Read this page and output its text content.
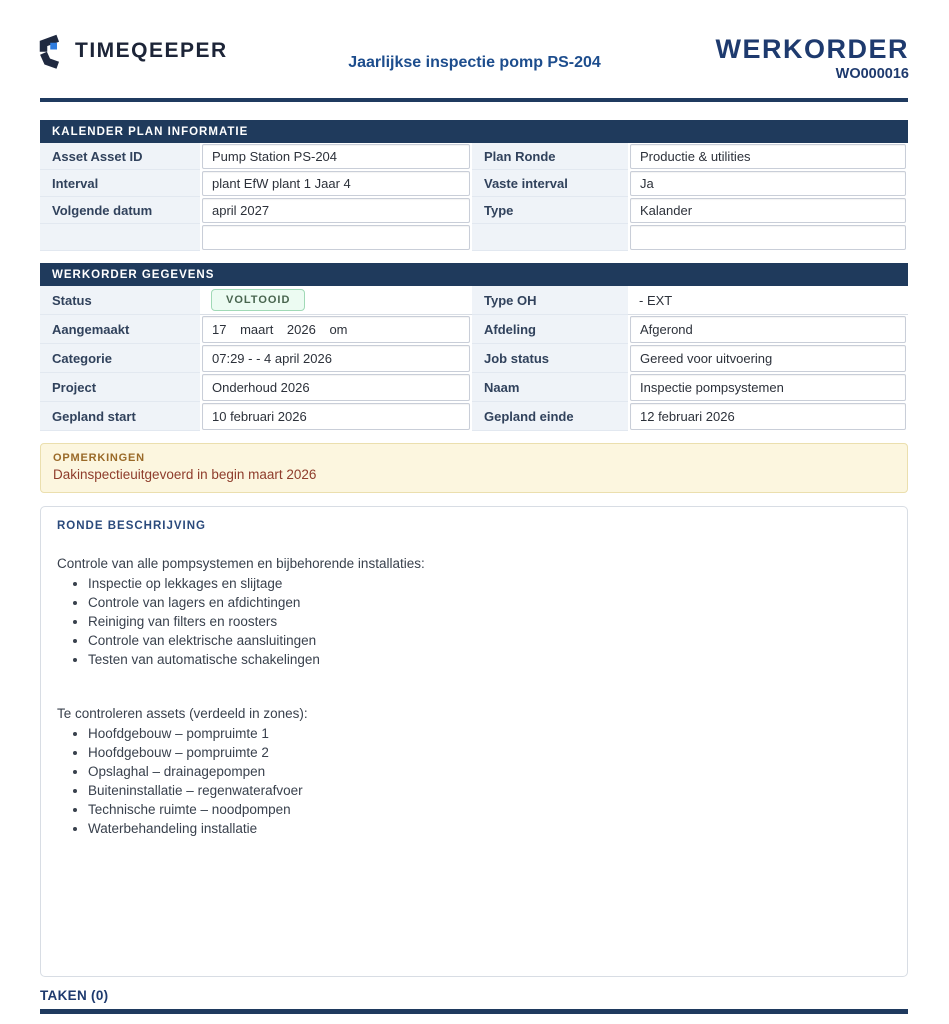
TIMEQEEPER
Jaarlijkse inspectie pomp PS-204	WERKORDER
WO000016
KALENDER PLAN INFORMATIE
Asset Asset ID	Pump Station PS-204	Plan Ronde	Productie & utilities
Interval	plant EfW plant 1 Jaar 4	Vaste interval	Ja
Volgende datum	april 2027	Type	Kalander
WERKORDER GEGEVENS
Status	VOLTOOID	Type OH	- EXT
Aangemaakt	17 maart 2026 om	Afdeling	Afgerond
Categorie	07:29 - - 4 april 2026	Job status	Gereed voor uitvoering
Project	Onderhoud 2026	Naam	Inspectie pompsystemen
Gepland start	10 februari 2026	Gepland einde	12 februari 2026
OPMERKINGEN
Dakinspectieuitgevoerd in begin maart 2026
RONDE BESCHRIJVING
Controle van alle pompsystemen en bijbehorende installaties:
• Inspectie op lekkages en slijtage
• Controle van lagers en afdichtingen
• Reiniging van filters en roosters
• Controle van elektrische aansluitingen
• Testen van automatische schakelingen
Te controleren assets (verdeeld in zones):
• Hoofdgebouw – pompruimte 1
• Hoofdgebouw – pompruimte 2
• Opslaghal – drainagepompen
• Buiteninstallatie – regenwaterafvoer
• Technische ruimte – noodpompen
• Waterbehandeling installatie
TAKEN (0)
